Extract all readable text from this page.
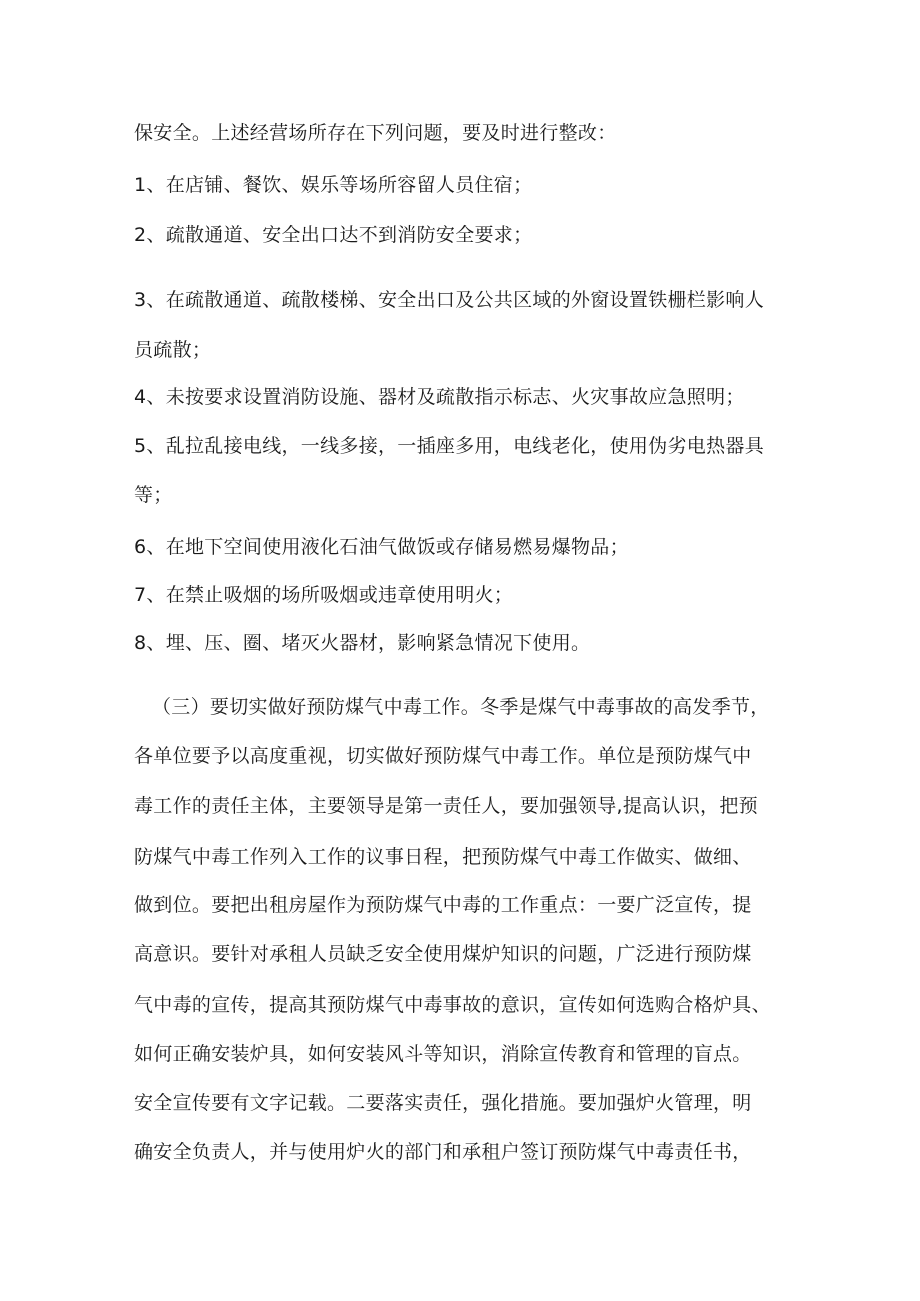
保安全。上述经营场所存在下列问题，要及时进行整改：
1、在店铺、餐饮、娱乐等场所容留人员住宿；
2、疏散通道、安全出口达不到消防安全要求；
3、在疏散通道、疏散楼梯、安全出口及公共区域的外窗设置铁栅栏影响人
员疏散；
4、未按要求设置消防设施、器材及疏散指示标志、火灾事故应急照明；
5、乱拉乱接电线，一线多接，一插座多用，电线老化，使用伪劣电热器具
等；
6、在地下空间使用液化石油气做饭或存储易燃易爆物品；
7、在禁止吸烟的场所吸烟或违章使用明火；
8、埋、压、圈、堵灭火器材，影响紧急情况下使用。
（三）要切实做好预防煤气中毒工作。冬季是煤气中毒事故的高发季节，
各单位要予以高度重视，切实做好预防煤气中毒工作。单位是预防煤气中
毒工作的责任主体，主要领导是第一责任人，要加强领导,提高认识，把预
防煤气中毒工作列入工作的议事日程，把预防煤气中毒工作做实、做细、
做到位。要把出租房屋作为预防煤气中毒的工作重点：一要广泛宣传，提
高意识。要针对承租人员缺乏安全使用煤炉知识的问题，广泛进行预防煤
气中毒的宣传，提高其预防煤气中毒事故的意识，宣传如何选购合格炉具、
如何正确安装炉具，如何安装风斗等知识，消除宣传教育和管理的盲点。
安全宣传要有文字记载。二要落实责任，强化措施。要加强炉火管理，明
确安全负责人，并与使用炉火的部门和承租户签订预防煤气中毒责任书，
